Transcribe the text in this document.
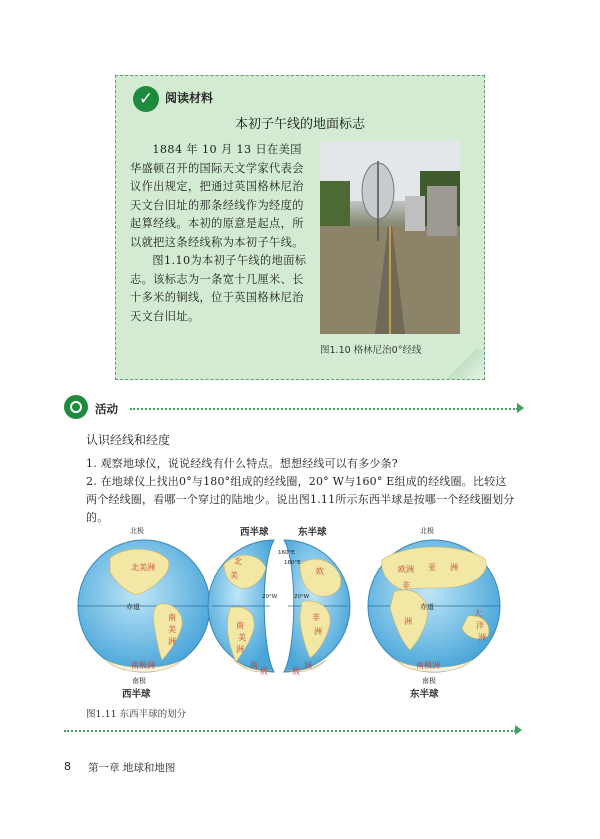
✓ 阅读材料
本初子午线的地面标志

1884 年 10 月 13 日在美国华盛顿召开的国际天文学家代表会议作出规定，把通过英国格林尼治天文台旧址的那条经线作为经度的起算经线。本初的原意是起点，所以就把这条经线称为本初子午线。

图1.10为本初子午线的地面标志。该标志为一条宽十几厘米、长十多米的铜线，位于英国格林尼治天文台旧址。

图1.10 格林尼治0°经线
活动
认识经线和经度

1. 观察地球仪，说说经线有什么特点。想想经线可以有多少条?

2. 在地球仪上找出0°与180°组成的经线圈，20° W与160° E组成的经线圈。比较这两个经线圈，看哪一个穿过的陆地少。说出图1.11所示东西半球是按哪一个经线圈划分的。

北极
赤道
北美洲
南
美
洲
南极洲
南极
西半球
西半球	东半球
160°E
160°E
20°W	20°W
北
美
南
美
洲
南
极
欧
非
洲
极
洲
北极
欧洲 亚 洲
非
洲
大
洋
洲
赤道
南极洲
南极
东半球
图1.11 东西半球的划分
8 第一章 地球和地图
